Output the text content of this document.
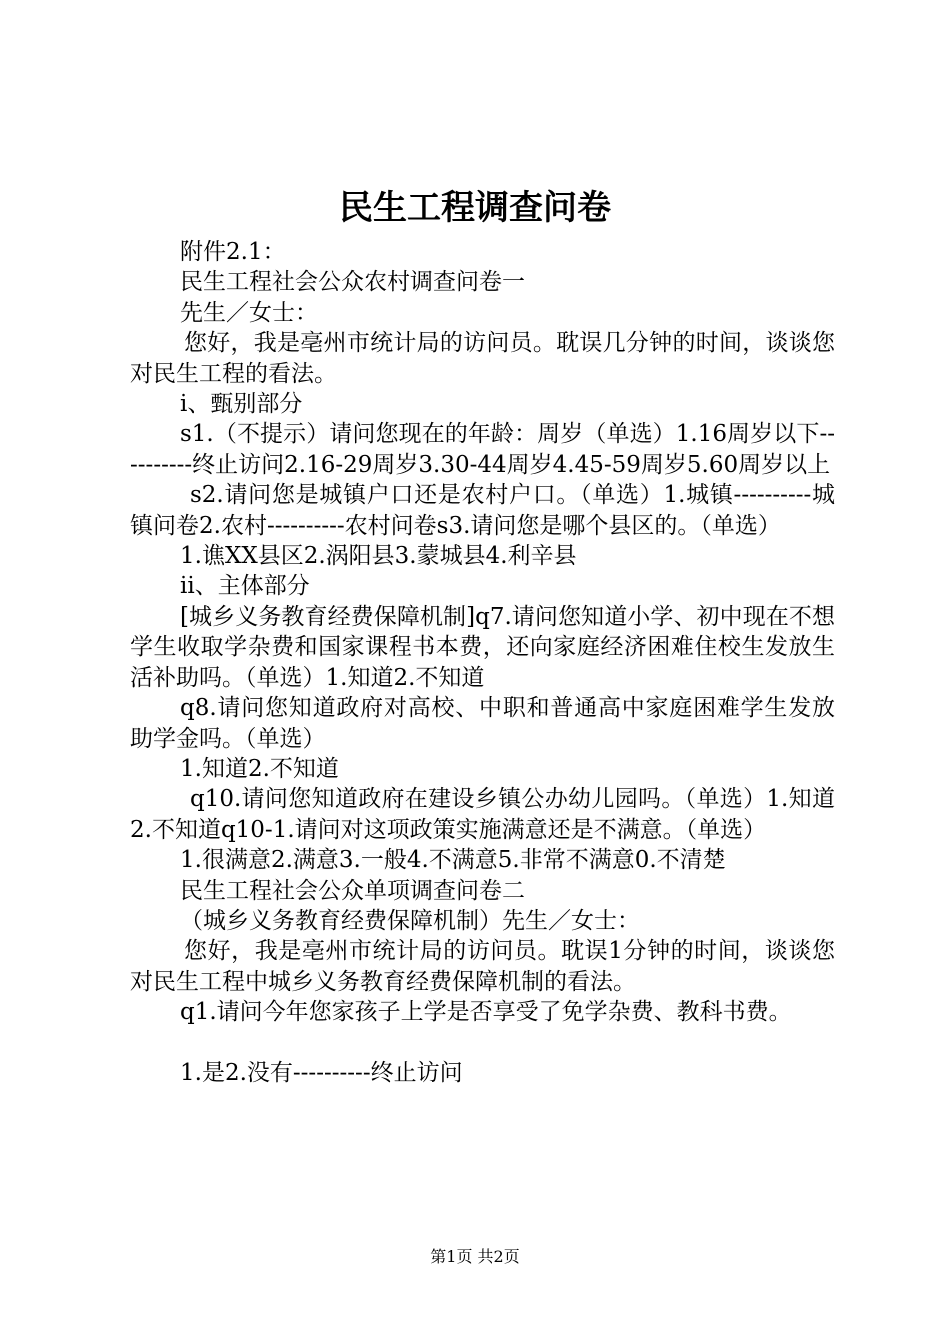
民生工程调查问卷

附件2.1：

民生工程社会公众农村调查问卷一

先生／女士：

您好，我是亳州市统计局的访问员。耽误几分钟的时间，谈谈您对民生工程的看法。

i、甄别部分

s1.（不提示）请问您现在的年龄：周岁（单选）1.16周岁以下----------终止访问2.16-29周岁3.30-44周岁4.45-59周岁5.60周岁以上

s2.请问您是城镇户口还是农村户口。（单选）1.城镇----------城镇问卷2.农村----------农村问卷s3.请问您是哪个县区的。（单选）

1.谯XX县区2.涡阳县3.蒙城县4.利辛县

ii、主体部分

[城乡义务教育经费保障机制]q7.请问您知道小学、初中现在不想学生收取学杂费和国家课程书本费，还向家庭经济困难住校生发放生活补助吗。（单选）1.知道2.不知道

q8.请问您知道政府对高校、中职和普通高中家庭困难学生发放助学金吗。（单选）

1.知道2.不知道

q10.请问您知道政府在建设乡镇公办幼儿园吗。（单选）1.知道2.不知道q10-1.请问对这项政策实施满意还是不满意。（单选）

1.很满意2.满意3.一般4.不满意5.非常不满意0.不清楚

民生工程社会公众单项调查问卷二

（城乡义务教育经费保障机制）先生／女士：

您好，我是亳州市统计局的访问员。耽误1分钟的时间，谈谈您对民生工程中城乡义务教育经费保障机制的看法。

q1.请问今年您家孩子上学是否享受了免学杂费、教科书费。

1.是2.没有----------终止访问

第1页 共2页
